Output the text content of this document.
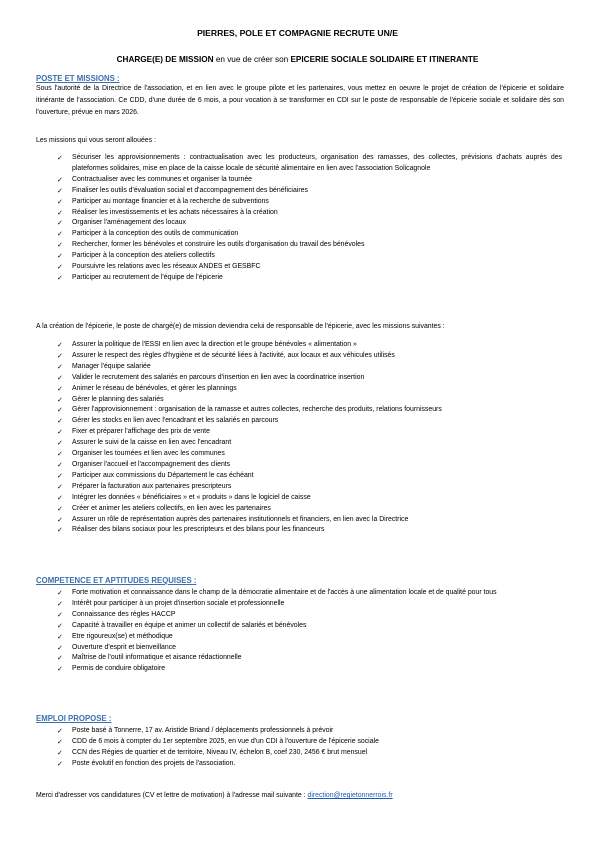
PIERRES, POLE ET COMPAGNIE RECRUTE UN/E
CHARGE(E) DE MISSION en vue de créer son EPICERIE SOCIALE SOLIDAIRE ET ITINERANTE
POSTE ET MISSIONS :
Sous l'autorité de la Directrice de l'association, et en lien avec le groupe pilote et les partenaires, vous mettez en oeuvre le projet de création de l'épicerie et solidaire itinérante de l'association. Ce CDD, d'une durée de 6 mois, a pour vocation à se transformer en CDI sur le poste de responsable de l'épicerie sociale et solidaire dès son l'ouverture, prévue en mars 2026.
Les missions qui vous seront allouées :
✓ Sécuriser les approvisionnements : contractualisation avec les producteurs, organisation des ramasses, des collectes, prévisions d'achats auprès des plateformes solidaires, mise en place de la caisse locale de sécurité alimentaire en lien avec l'association Solicagnole
✓ Contractualiser avec les communes et organiser la tournée
✓ Finaliser les outils d'évaluation social et d'accompagnement des bénéficiaires
✓ Participer au montage financier et à la recherche de subventions
✓ Réaliser les investissements et les achats nécessaires à la création
✓ Organiser l'aménagement des locaux
✓ Participer à la conception des outils de communication
✓ Rechercher, former les bénévoles et construire les outils d'organisation du travail des bénévoles
✓ Participer à la conception des ateliers collectifs
✓ Poursuivre les relations avec les réseaux ANDES et GESBFC
✓ Participer au recrutement de l'équipe de l'épicerie
A la création de l'épicerie, le poste de chargé(e) de mission deviendra celui de responsable de l'épicerie, avec les missions suivantes :
✓ Assurer la politique de l'ESSI en lien avec la direction et le groupe bénévoles « alimentation »
✓ Assurer le respect des règles d'hygiène et de sécurité liées à l'activité, aux locaux et aux véhicules utilisés
✓ Manager l'équipe salariée
✓ Valider le recrutement des salariés en parcours d'insertion en lien avec la coordinatrice insertion
✓ Animer le réseau de bénévoles, et gérer les plannings
✓ Gérer le planning des salariés
✓ Gérer l'approvisionnement : organisation de la ramasse et autres collectes, recherche des produits, relations fournisseurs
✓ Gérer les stocks en lien avec l'encadrant et les salariés en parcours
✓ Fixer et préparer l'affichage des prix de vente
✓ Assurer le suivi de la caisse en lien avec l'encadrant
✓ Organiser les tournées et lien avec les communes
✓ Organiser l'accueil et l'accompagnement des clients
✓ Participer aux commissions du Département le cas échéant
✓ Préparer la facturation aux partenaires prescripteurs
✓ Intégrer les données « bénéficiaires » et « produits » dans le logiciel de caisse
✓ Créer et animer les ateliers collectifs, en lien avec les partenaires
✓ Assurer un rôle de représentation auprès des partenaires institutionnels et financiers, en lien avec la Directrice
✓ Réaliser des bilans sociaux pour les prescripteurs et des bilans pour les financeurs
COMPETENCE ET APTITUDES REQUISES :
✓ Forte motivation et connaissance dans le champ de la démocratie alimentaire et de l'accès à une alimentation locale et de qualité pour tous
✓ Intérêt pour participer à un projet d'insertion sociale et professionnelle
✓ Connaissance des règles HACCP
✓ Capacité à travailler en équipe et animer un collectif de salariés et bénévoles
✓ Etre rigoureux(se) et méthodique
✓ Ouverture d'esprit et bienveillance
✓ Maîtrise de l'outil informatique et aisance rédactionnelle
✓ Permis de conduire obligatoire
EMPLOI PROPOSE :
✓ Poste basé à Tonnerre, 17 av. Aristide Briand / déplacements professionnels à prévoir
✓ CDD de 6 mois à compter du 1er septembre 2025, en vue d'un CDI à l'ouverture de l'épicerie sociale
✓ CCN des Régies de quartier et de territoire, Niveau IV, échelon B, coef 230, 2456 € brut mensuel
✓ Poste évolutif en fonction des projets de l'association.
Merci d'adresser vos candidatures (CV et lettre de motivation) à l'adresse mail suivante : direction@regietonnerrois.fr
